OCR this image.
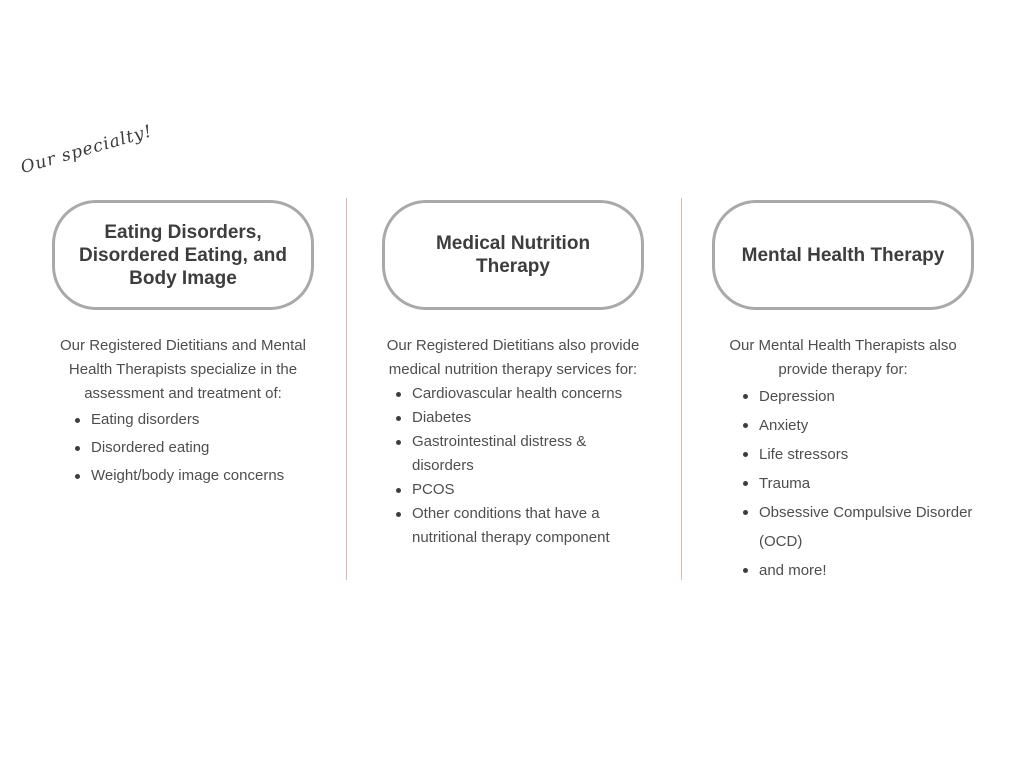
Our specialty!
Eating Disorders, Disordered Eating, and Body Image
Our Registered Dietitians and Mental Health Therapists specialize in the assessment and treatment of:
Eating disorders
Disordered eating
Weight/body image concerns
Medical Nutrition Therapy
Our Registered Dietitians also provide medical nutrition therapy services for:
Cardiovascular health concerns
Diabetes
Gastrointestinal distress & disorders
PCOS
Other conditions that have a nutritional therapy component
Mental Health Therapy
Our Mental Health Therapists also provide therapy for:
Depression
Anxiety
Life stressors
Trauma
Obsessive Compulsive Disorder (OCD)
and more!
